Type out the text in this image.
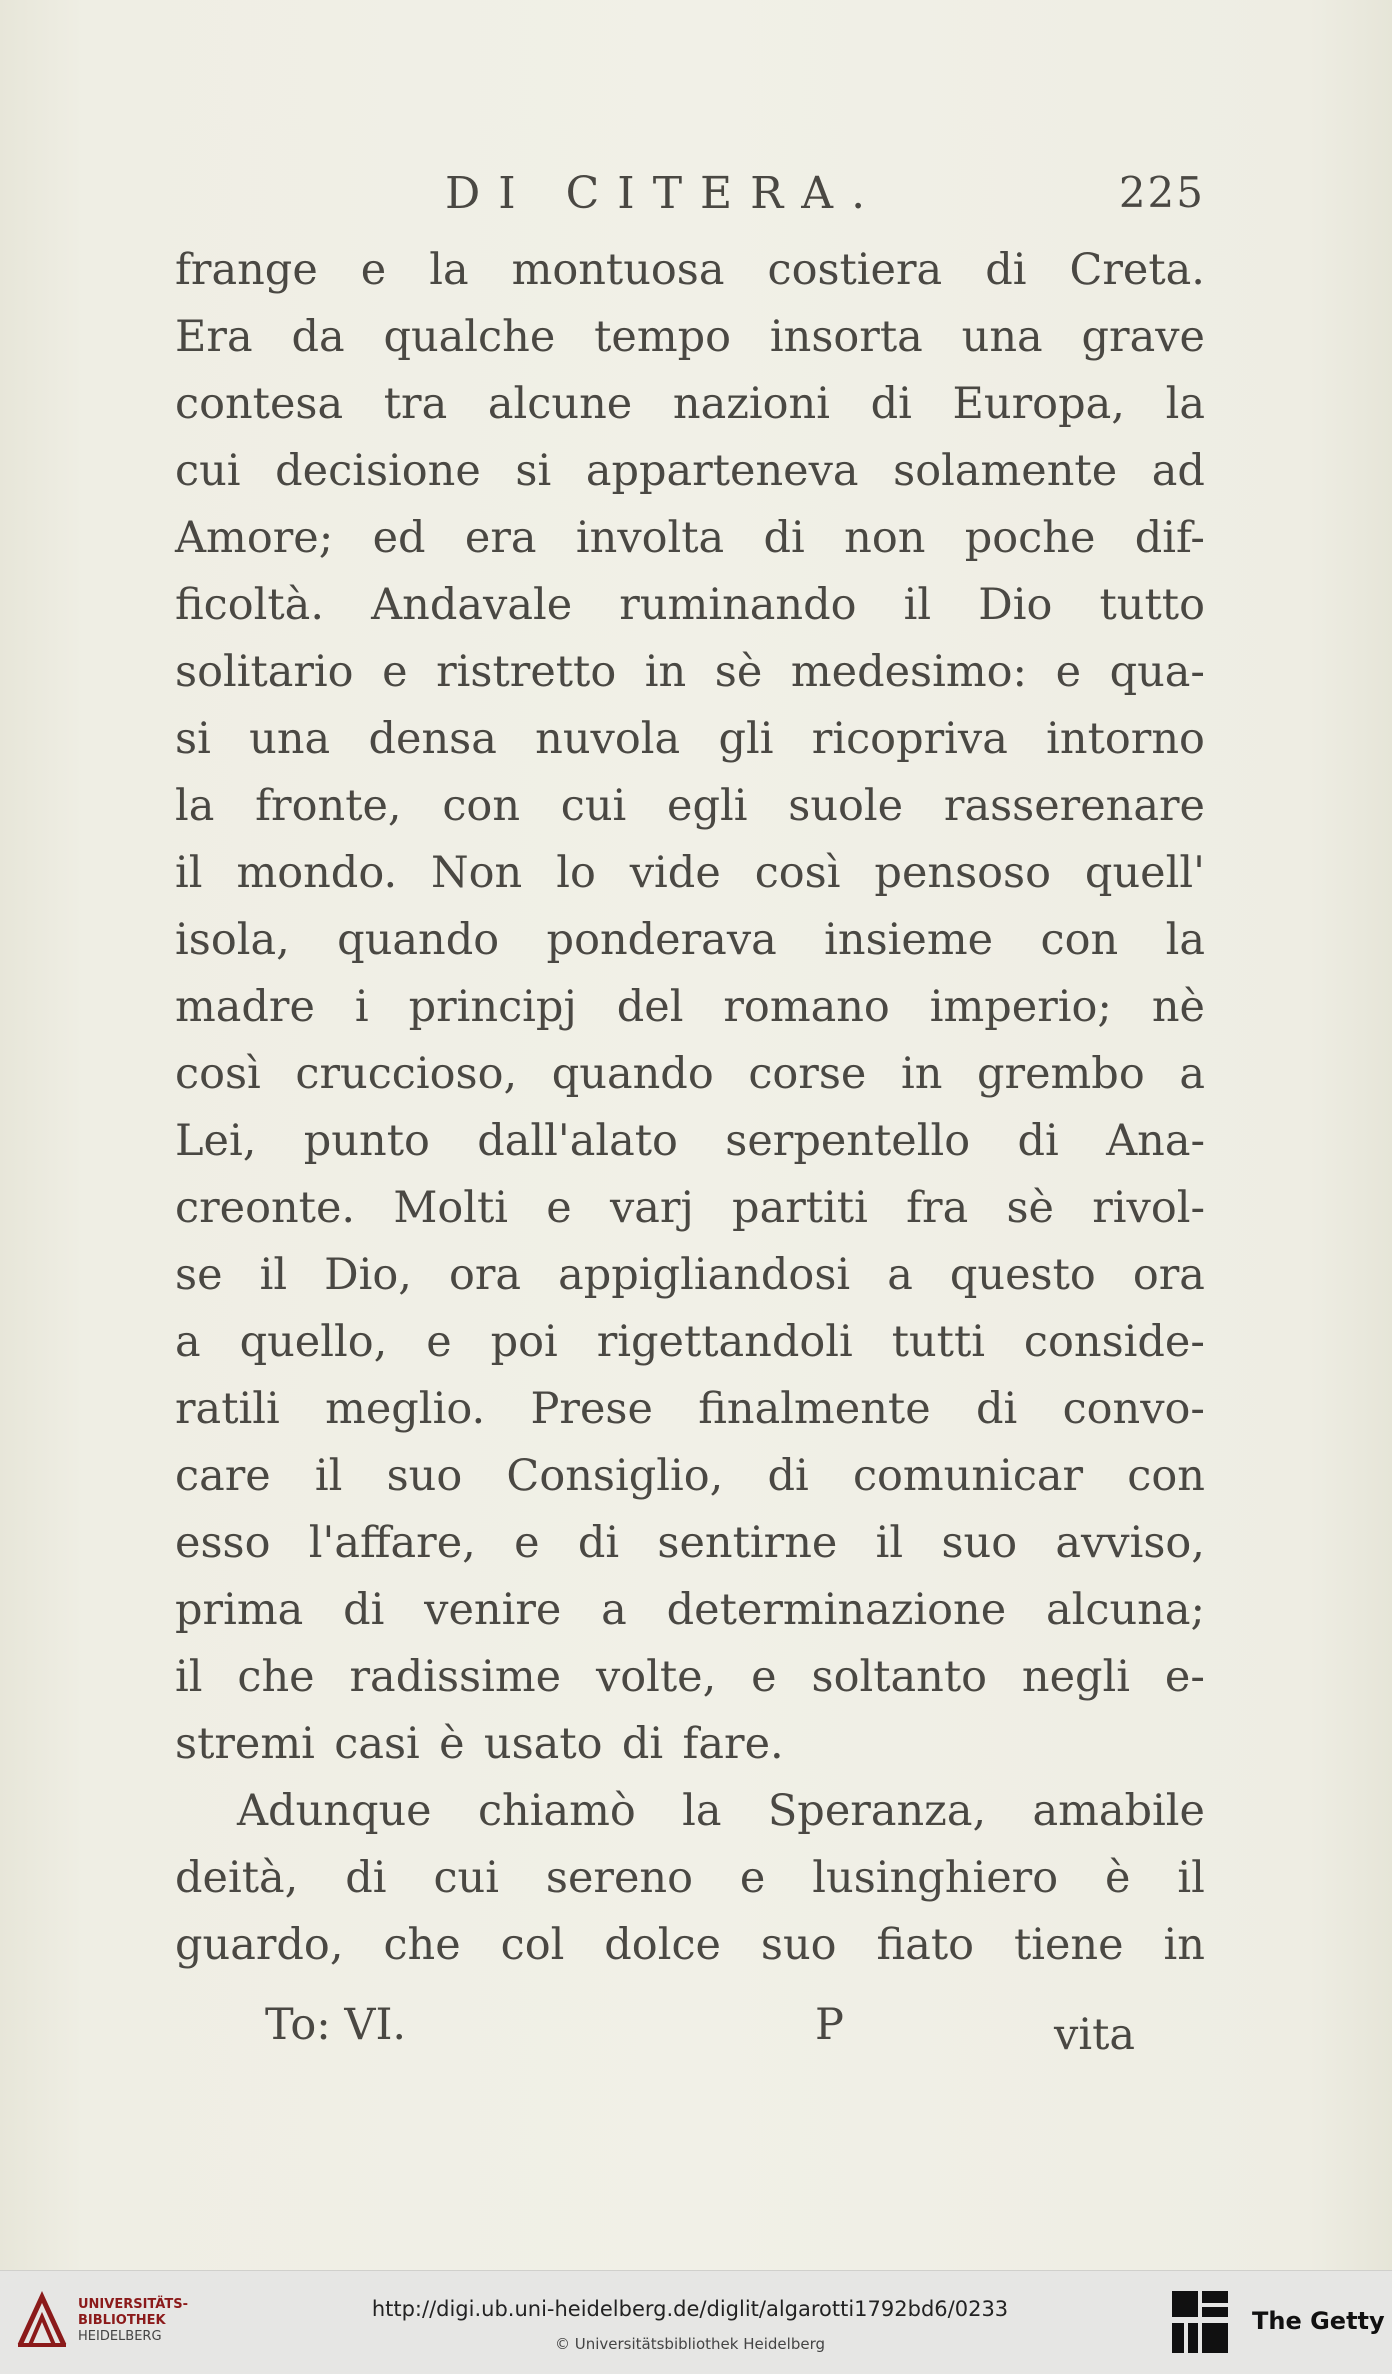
DI CITERA.	225
frange e la montuosa costiera di Creta.
Era da qualche tempo insorta una grave
contesa tra alcune nazioni di Europa, la
cui decisione si apparteneva solamente ad
Amore; ed era involta di non poche dif-
ficoltà. Andavale ruminando il Dio tutto
solitario e ristretto in sè medesimo: e qua-
si una densa nuvola gli ricopriva intorno
la fronte, con cui egli suole rasserenare
il mondo. Non lo vide così pensoso quell'
isola, quando ponderava insieme con la
madre i principj del romano imperio; nè
così cruccioso, quando corse in grembo a
Lei, punto dall'alato serpentello di Ana-
creonte. Molti e varj partiti fra sè rivol-
se il Dio, ora appigliandosi a questo ora
a quello, e poi rigettandoli tutti conside-
ratili meglio. Prese finalmente di convo-
care il suo Consiglio, di comunicar con
esso l'affare, e di sentirne il suo avviso,
prima di venire a determinazione alcuna;
il che radissime volte, e soltanto negli e-
stremi casi è usato di fare.
Adunque chiamò la Speranza, amabile
deità, di cui sereno e lusinghiero è il
guardo, che col dolce suo fiato tiene in
To: VI.	P	vita
UNIVERSITÄTS-
BIBLIOTHEK
HEIDELBERG
http://digi.ub.uni-heidelberg.de/diglit/algarotti1792bd6/0233
© Universitätsbibliothek Heidelberg
The Getty
